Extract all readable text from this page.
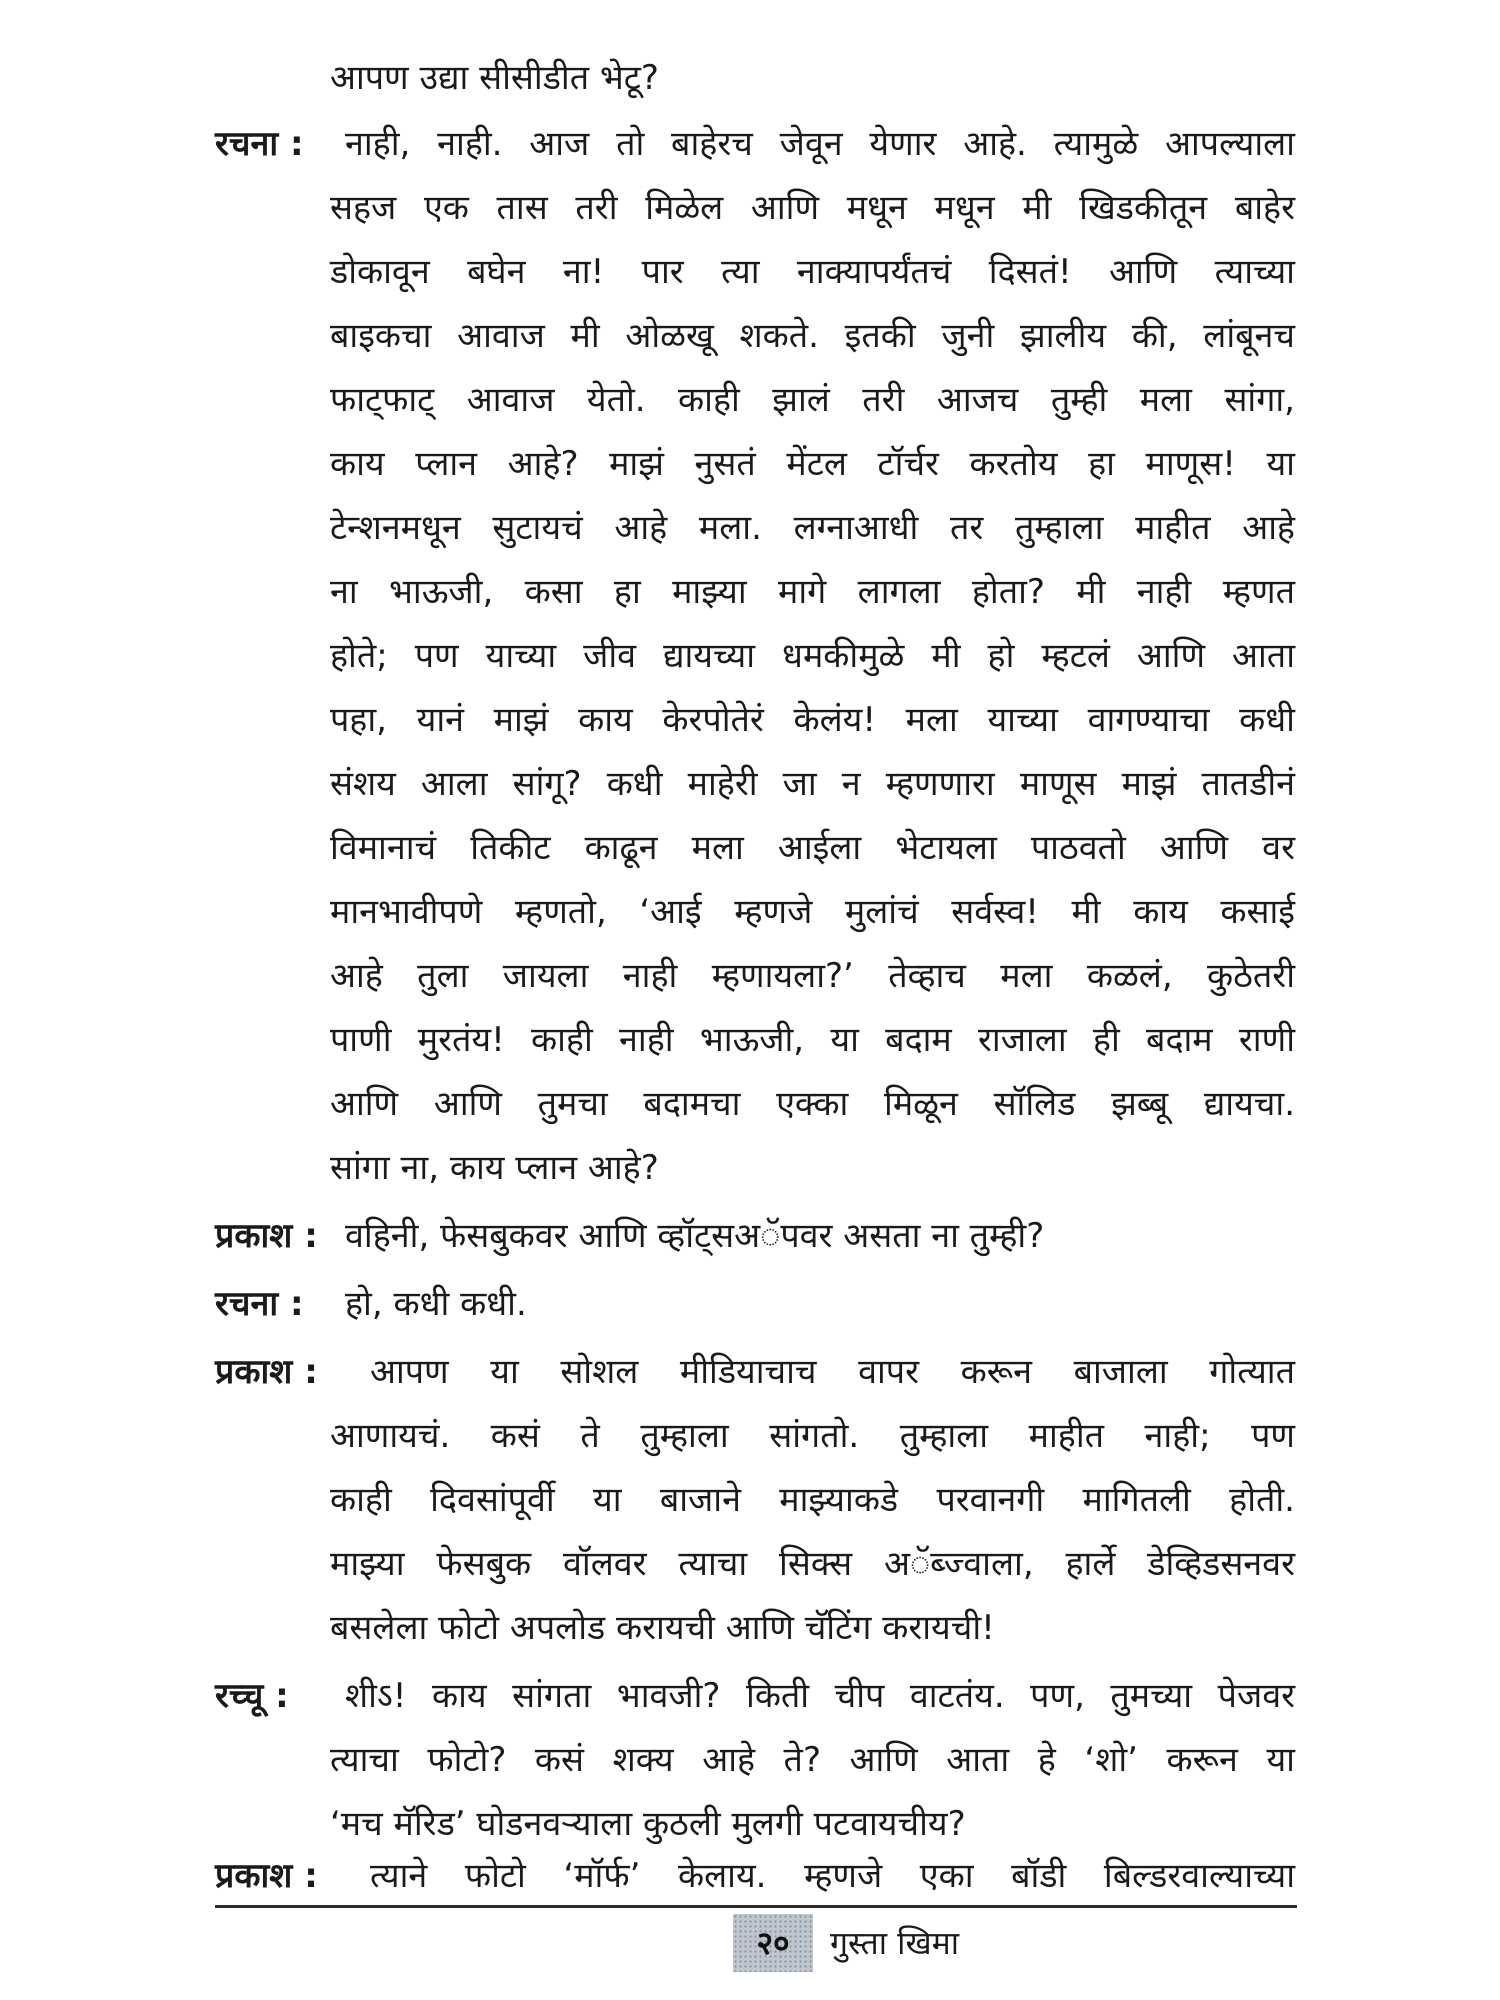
आपण उद्या सीसीडीत भेटू?
रचना : नाही, नाही. आज तो बाहेरच जेवून येणार आहे. त्यामुळे आपल्याला
सहज एक तास तरी मिळेल आणि मधून मधून मी खिडकीतून बाहेर
डोकावून बघेन ना! पार त्या नाक्यापर्यंतचं दिसतं! आणि त्याच्या
बाइकचा आवाज मी ओळखू शकते. इतकी जुनी झालीय की, लांबूनच
फाट्फाट् आवाज येतो. काही झालं तरी आजच तुम्ही मला सांगा,
काय प्लान आहे? माझं नुसतं मेंटल टॉर्चर करतोय हा माणूस! या
टेन्शनमधून सुटायचं आहे मला. लग्नाआधी तर तुम्हाला माहीत आहे
ना भाऊजी, कसा हा माझ्या मागे लागला होता? मी नाही म्हणत
होते; पण याच्या जीव द्यायच्या धमकीमुळे मी हो म्हटलं आणि आता
पहा, यानं माझं काय केरपोतेरं केलंय! मला याच्या वागण्याचा कधी
संशय आला सांगू? कधी माहेरी जा न म्हणणारा माणूस माझं तातडीनं
विमानाचं तिकीट काढून मला आईला भेटायला पाठवतो आणि वर
मानभावीपणे म्हणतो, ‘आई म्हणजे मुलांचं सर्वस्व! मी काय कसाई
आहे तुला जायला नाही म्हणायला?’ तेव्हाच मला कळलं, कुठेतरी
पाणी मुरतंय! काही नाही भाऊजी, या बदाम राजाला ही बदाम राणी
आणि आणि तुमचा बदामचा एक्का मिळून सॉलिड झब्बू द्यायचा.
सांगा ना, काय प्लान आहे?
प्रकाश : वहिनी, फेसबुकवर आणि व्हॉट्सअॅपवर असता ना तुम्ही?
रचना : हो, कधी कधी.
प्रकाश : आपण या सोशल मीडियाचाच वापर करून बाजाला गोत्यात
आणायचं. कसं ते तुम्हाला सांगतो. तुम्हाला माहीत नाही; पण
काही दिवसांपूर्वी या बाजाने माझ्याकडे परवानगी मागितली होती.
माझ्या फेसबुक वॉलवर त्याचा सिक्स अॅब्ज्वाला, हार्ले डेव्हिडसनवर
बसलेला फोटो अपलोड करायची आणि चॅटिंग करायची!
रच्चू : शीऽ! काय सांगता भावजी? किती चीप वाटतंय. पण, तुमच्या पेजवर
त्याचा फोटो? कसं शक्य आहे ते? आणि आता हे ‘शो’ करून या
‘मच मॅरिड’ घोडनवऱ्याला कुठली मुलगी पटवायचीय?
प्रकाश : त्याने फोटो ‘मॉर्फ’ केलाय. म्हणजे एका बॉडी बिल्डरवाल्याच्या
२०	गुस्ता खिमा
